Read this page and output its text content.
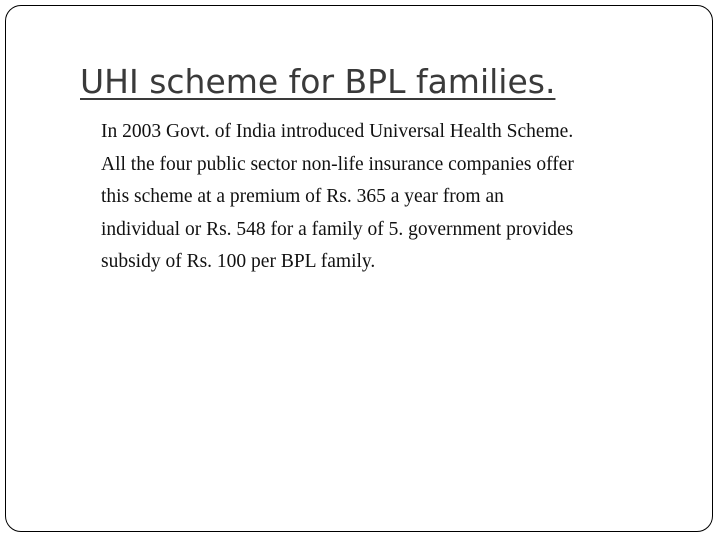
UHI scheme for BPL families.

In 2003 Govt. of India introduced Universal Health Scheme.
All the four public sector non-life insurance companies offer
this scheme at a premium of Rs. 365 a year from an
individual or Rs. 548 for a family of 5. government provides
subsidy of Rs. 100 per BPL family.
